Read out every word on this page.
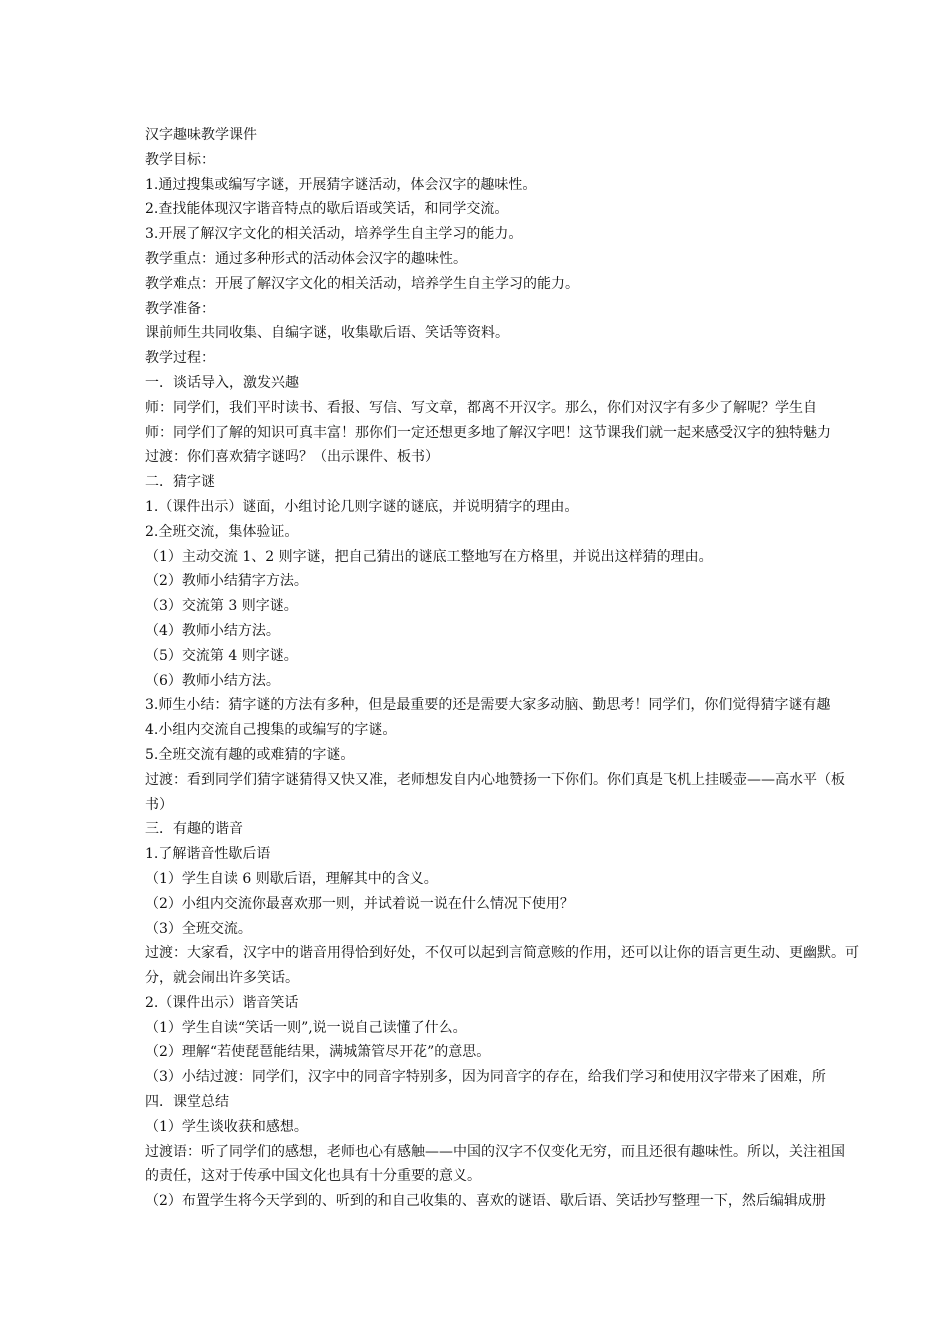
汉字趣味教学课件
教学目标：
1.通过搜集或编写字谜，开展猜字谜活动，体会汉字的趣味性。
2.查找能体现汉字谐音特点的歇后语或笑话，和同学交流。
3.开展了解汉字文化的相关活动，培养学生自主学习的能力。
教学重点：通过多种形式的活动体会汉字的趣味性。
教学难点：开展了解汉字文化的相关活动，培养学生自主学习的能力。
教学准备：
课前师生共同收集、自编字谜，收集歇后语、笑话等资料。
教学过程：
一．谈话导入，激发兴趣
师：同学们，我们平时读书、看报、写信、写文章，都离不开汉字。那么，你们对汉字有多少了解呢？学生自
师：同学们了解的知识可真丰富！那你们一定还想更多地了解汉字吧！这节课我们就一起来感受汉字的独特魅力
过渡：你们喜欢猜字谜吗？（出示课件、板书）
二．猜字谜
1.（课件出示）谜面，小组讨论几则字谜的谜底，并说明猜字的理由。
2.全班交流，集体验证。
（1）主动交流 1、2 则字谜，把自己猜出的谜底工整地写在方格里，并说出这样猜的理由。
（2）教师小结猜字方法。
（3）交流第 3 则字谜。
（4）教师小结方法。
（5）交流第 4 则字谜。
（6）教师小结方法。
3.师生小结：猜字谜的方法有多种，但是最重要的还是需要大家多动脑、勤思考！同学们，你们觉得猜字谜有趣
4.小组内交流自己搜集的或编写的字谜。
5.全班交流有趣的或难猜的字谜。
过渡：看到同学们猜字谜猜得又快又准，老师想发自内心地赞扬一下你们。你们真是飞机上挂暖壶——高水平（板
书）
三．有趣的谐音
1.了解谐音性歇后语
（1）学生自读 6 则歇后语，理解其中的含义。
（2）小组内交流你最喜欢那一则，并试着说一说在什么情况下使用？
（3）全班交流。
过渡：大家看，汉字中的谐音用得恰到好处，不仅可以起到言简意赅的作用，还可以让你的语言更生动、更幽默。可
分，就会闹出许多笑话。
2.（课件出示）谐音笑话
（1）学生自读“笑话一则”,说一说自己读懂了什么。
（2）理解“若使琵琶能结果，满城箫管尽开花”的意思。
（3）小结过渡：同学们，汉字中的同音字特别多，因为同音字的存在，给我们学习和使用汉字带来了困难，所
四．课堂总结
（1）学生谈收获和感想。
过渡语：听了同学们的感想，老师也心有感触——中国的汉字不仅变化无穷，而且还很有趣味性。所以，关注祖国
的责任，这对于传承中国文化也具有十分重要的意义。
（2）布置学生将今天学到的、听到的和自己收集的、喜欢的谜语、歇后语、笑话抄写整理一下，然后编辑成册
